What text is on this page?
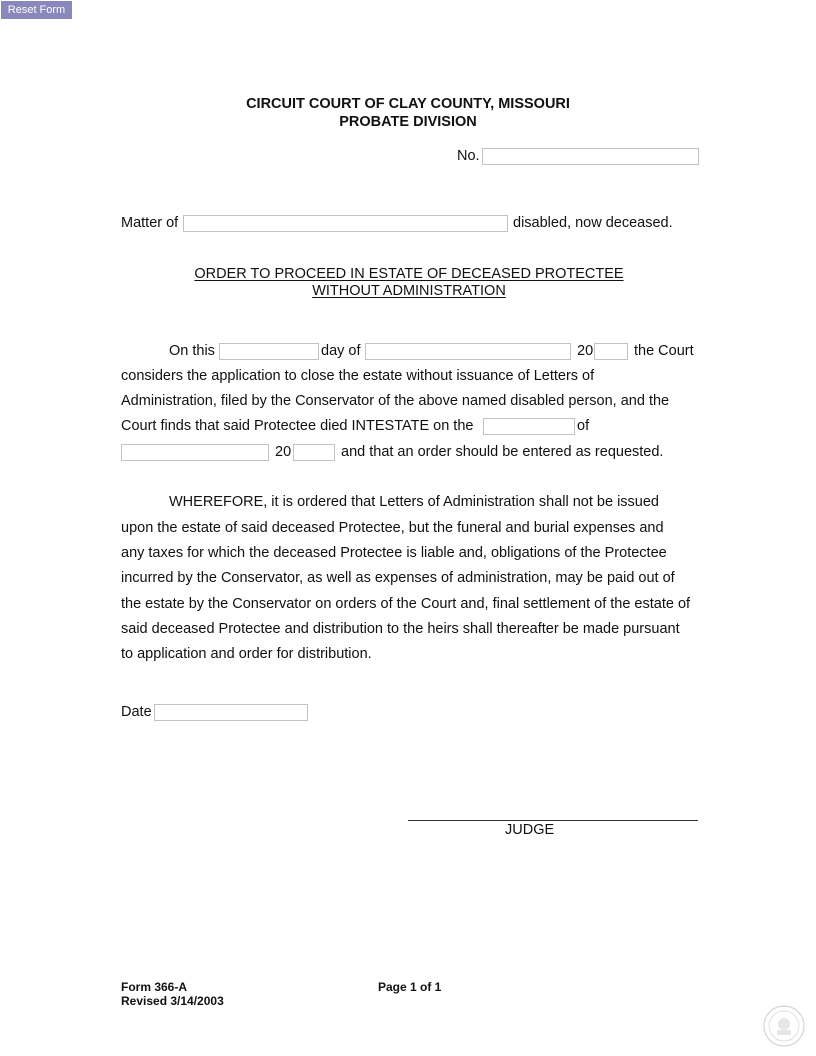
Reset Form
CIRCUIT COURT OF CLAY COUNTY, MISSOURI
PROBATE DIVISION
No.
Matter of	disabled, now deceased.
ORDER TO PROCEED IN ESTATE OF DECEASED PROTECTEE
WITHOUT ADMINISTRATION
On this	day of	20	the Court
considers the application to close the estate without issuance of Letters of
Administration, filed by the Conservator of the above named disabled person, and the
Court finds that said Protectee died INTESTATE on the	of
20	and that an order should be entered as requested.
WHEREFORE, it is ordered that Letters of Administration shall not be issued
upon the estate of said deceased Protectee, but the funeral and burial expenses and
any taxes for which the deceased Protectee is liable and, obligations of the Protectee
incurred by the Conservator, as well as expenses of administration, may be paid out of
the estate by the Conservator on orders of the Court and, final settlement of the estate of
said deceased Protectee and distribution to the heirs shall thereafter be made pursuant
to application and order for distribution.
Date
JUDGE
Form 366-A
Revised 3/14/2003
Page 1 of 1
